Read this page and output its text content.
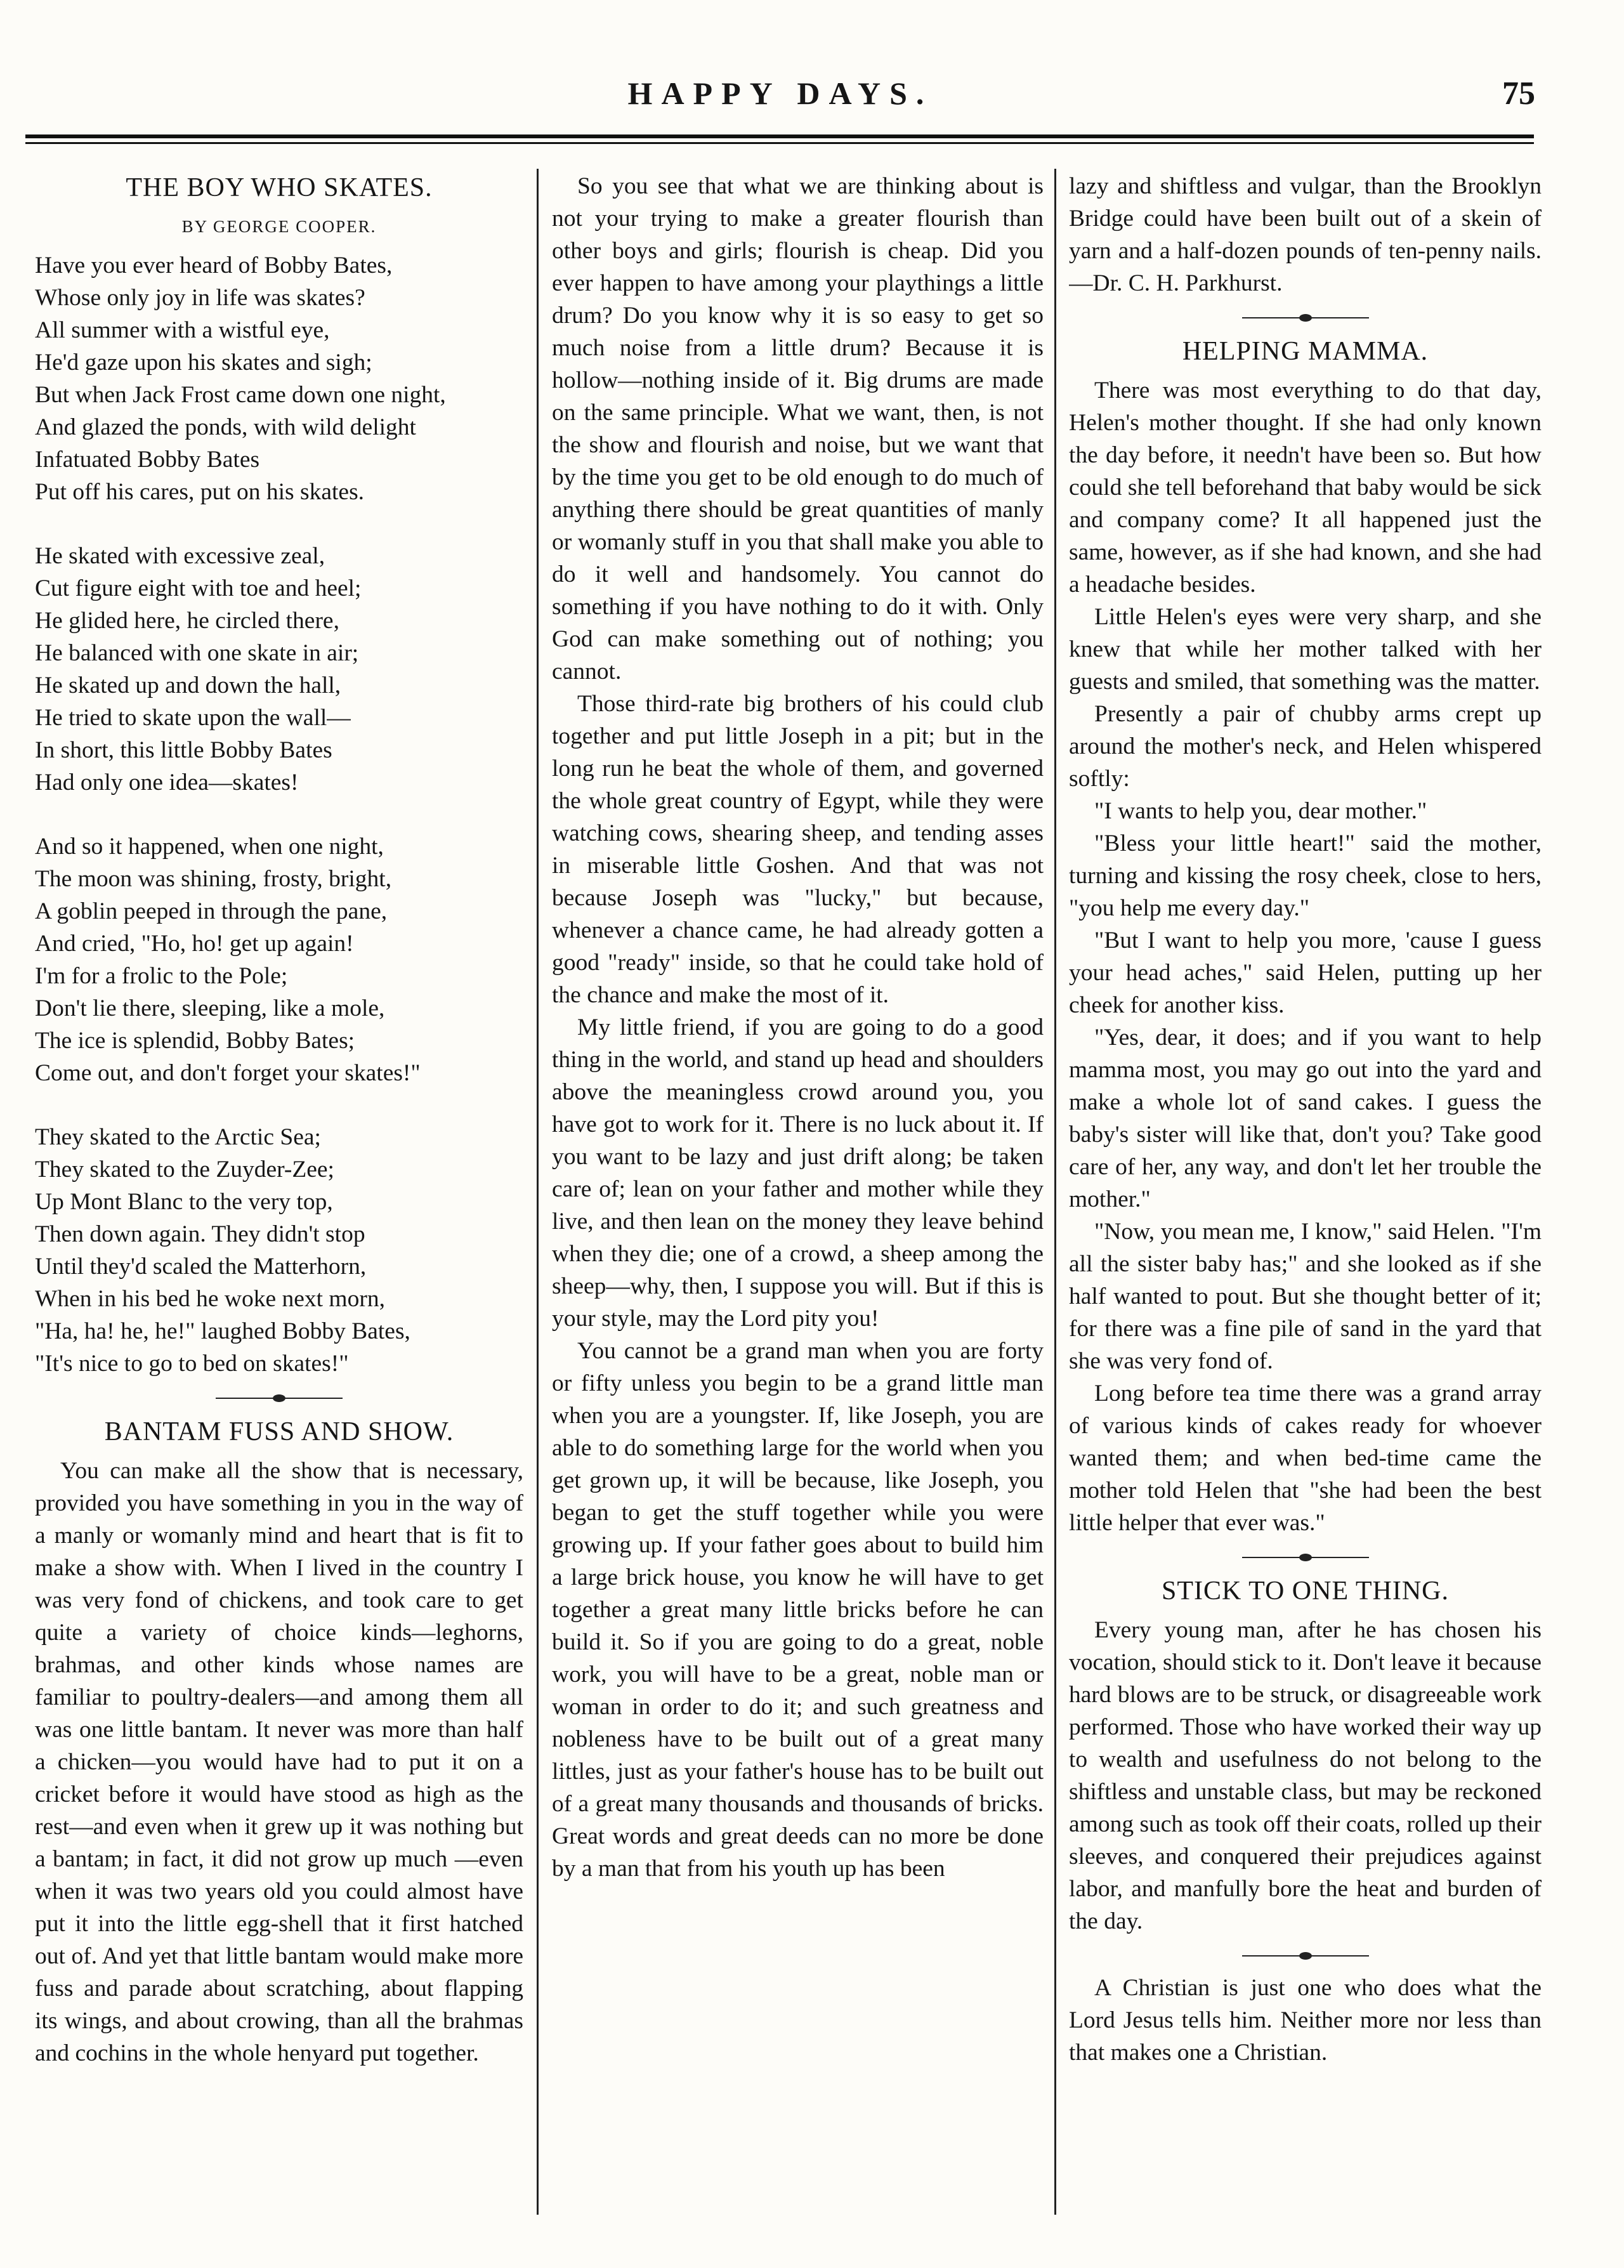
HAPPY DAYS.	75
THE BOY WHO SKATES.
BY GEORGE COOPER.

Have you ever heard of Bobby Bates,

Whose only joy in life was skates?

All summer with a wistful eye,

He'd gaze upon his skates and sigh;

But when Jack Frost came down one night,

And glazed the ponds, with wild delight

Infatuated Bobby Bates

Put off his cares, put on his skates.

He skated with excessive zeal,

Cut figure eight with toe and heel;

He glided here, he circled there,

He balanced with one skate in air;

He skated up and down the hall,

He tried to skate upon the wall—

In short, this little Bobby Bates

Had only one idea—skates!

And so it happened, when one night,

The moon was shining, frosty, bright,

A goblin peeped in through the pane,

And cried, "Ho, ho! get up again!

I'm for a frolic to the Pole;

Don't lie there, sleeping, like a mole,

The ice is splendid, Bobby Bates;

Come out, and don't forget your skates!"

They skated to the Arctic Sea;

They skated to the Zuyder-Zee;

Up Mont Blanc to the very top,

Then down again. They didn't stop

Until they'd scaled the Matterhorn,

When in his bed he woke next morn,

"Ha, ha! he, he!" laughed Bobby Bates,

"It's nice to go to bed on skates!"

BANTAM FUSS AND SHOW.

You can make all the show that is necessary, provided you have something in you in the way of a manly or womanly mind and heart that is fit to make a show with. When I lived in the country I was very fond of chickens, and took care to get quite a variety of choice kinds—leghorns, brahmas, and other kinds whose names are familiar to poultry-dealers—and among them all was one little bantam. It never was more than half a chicken—you would have had to put it on a cricket before it would have stood as high as the rest—and even when it grew up it was nothing but a bantam; in fact, it did not grow up much —even when it was two years old you could almost have put it into the little egg-shell that it first hatched out of. And yet that little bantam would make more fuss and parade about scratching, about flapping its wings, and about crowing, than all the brahmas and cochins in the whole henyard put together.

So you see that what we are thinking about is not your trying to make a greater flourish than other boys and girls; flourish is cheap. Did you ever happen to have among your playthings a little drum? Do you know why it is so easy to get so much noise from a little drum? Because it is hollow—nothing inside of it. Big drums are made on the same principle. What we want, then, is not the show and flourish and noise, but we want that by the time you get to be old enough to do much of anything there should be great quantities of manly or womanly stuff in you that shall make you able to do it well and handsomely. You cannot do something if you have nothing to do it with. Only God can make something out of nothing; you cannot.

Those third-rate big brothers of his could club together and put little Joseph in a pit; but in the long run he beat the whole of them, and governed the whole great country of Egypt, while they were watching cows, shearing sheep, and tending asses in miserable little Goshen. And that was not because Joseph was "lucky," but because, whenever a chance came, he had already gotten a good "ready" inside, so that he could take hold of the chance and make the most of it.

My little friend, if you are going to do a good thing in the world, and stand up head and shoulders above the meaningless crowd around you, you have got to work for it. There is no luck about it. If you want to be lazy and just drift along; be taken care of; lean on your father and mother while they live, and then lean on the money they leave behind when they die; one of a crowd, a sheep among the sheep—why, then, I suppose you will. But if this is your style, may the Lord pity you!

You cannot be a grand man when you are forty or fifty unless you begin to be a grand little man when you are a youngster. If, like Joseph, you are able to do something large for the world when you get grown up, it will be because, like Joseph, you began to get the stuff together while you were growing up. If your father goes about to build him a large brick house, you know he will have to get together a great many little bricks before he can build it. So if you are going to do a great, noble work, you will have to be a great, noble man or woman in order to do it; and such greatness and nobleness have to be built out of a great many littles, just as your father's house has to be built out of a great many thousands and thousands of bricks. Great words and great deeds can no more be done by a man that from his youth up has been

lazy and shiftless and vulgar, than the Brooklyn Bridge could have been built out of a skein of yarn and a half-dozen pounds of ten-penny nails.—Dr. C. H. Parkhurst.

HELPING MAMMA.

There was most everything to do that day, Helen's mother thought. If she had only known the day before, it needn't have been so. But how could she tell beforehand that baby would be sick and company come? It all happened just the same, however, as if she had known, and she had a headache besides.

Little Helen's eyes were very sharp, and she knew that while her mother talked with her guests and smiled, that something was the matter.

Presently a pair of chubby arms crept up around the mother's neck, and Helen whispered softly:

"I wants to help you, dear mother."

"Bless your little heart!" said the mother, turning and kissing the rosy cheek, close to hers, "you help me every day."

"But I want to help you more, 'cause I guess your head aches," said Helen, putting up her cheek for another kiss.

"Yes, dear, it does; and if you want to help mamma most, you may go out into the yard and make a whole lot of sand cakes. I guess the baby's sister will like that, don't you? Take good care of her, any way, and don't let her trouble the mother."

"Now, you mean me, I know," said Helen. "I'm all the sister baby has;" and she looked as if she half wanted to pout. But she thought better of it; for there was a fine pile of sand in the yard that she was very fond of.

Long before tea time there was a grand array of various kinds of cakes ready for whoever wanted them; and when bed-time came the mother told Helen that "she had been the best little helper that ever was."

STICK TO ONE THING.

Every young man, after he has chosen his vocation, should stick to it. Don't leave it because hard blows are to be struck, or disagreeable work performed. Those who have worked their way up to wealth and usefulness do not belong to the shiftless and unstable class, but may be reckoned among such as took off their coats, rolled up their sleeves, and conquered their prejudices against labor, and manfully bore the heat and burden of the day.

A Christian is just one who does what the Lord Jesus tells him. Neither more nor less than that makes one a Christian.
